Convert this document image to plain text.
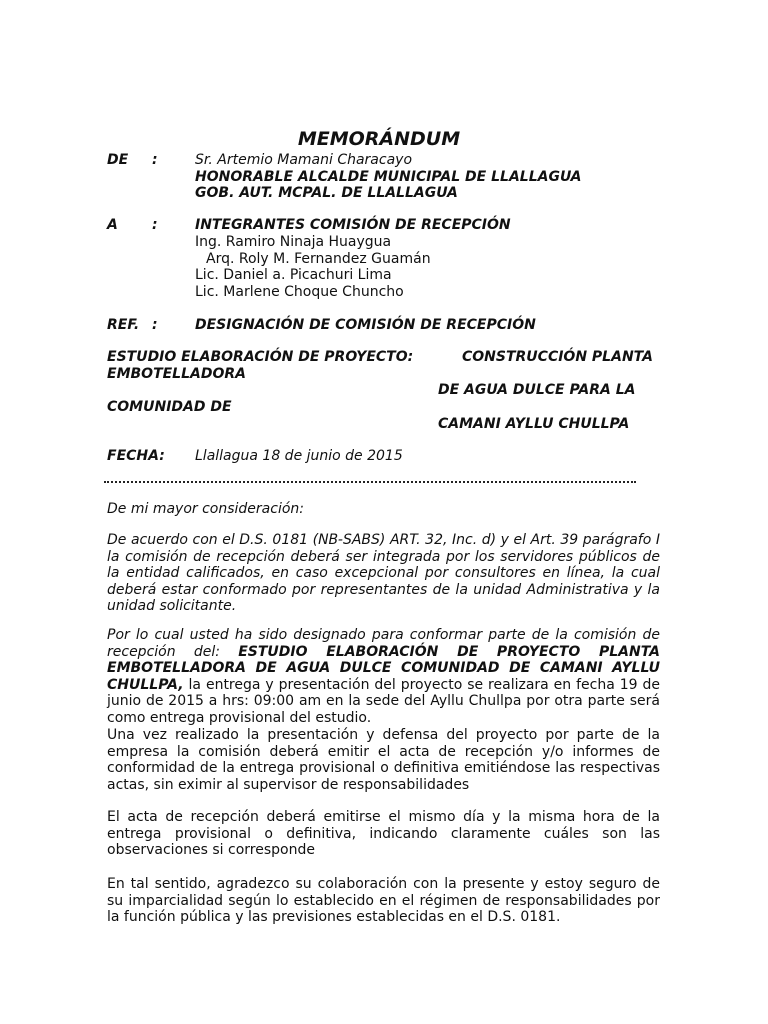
MEMORÁNDUM
DE :	Sr. Artemio Mamani Characayo
HONORABLE ALCALDE MUNICIPAL DE LLALLAGUA
GOB. AUT. MCPAL. DE LLALLAGUA
A :	INTEGRANTES COMISIÓN DE RECEPCIÓN
Ing. Ramiro Ninaja Huaygua
Arq. Roly M. Fernandez Guamán
Lic. Daniel a. Picachuri Lima
Lic. Marlene Choque Chuncho
REF. :	DESIGNACIÓN DE COMISIÓN DE RECEPCIÓN
ESTUDIO ELABORACIÓN DE PROYECTO:	CONSTRUCCIÓN PLANTA
EMBOTELLADORA
DE AGUA DULCE PARA LA
COMUNIDAD DE
CAMANI AYLLU CHULLPA
FECHA: Llallagua 18 de junio de 2015

De mi mayor consideración:

De acuerdo con el D.S. 0181 (NB-SABS) ART. 32, Inc. d) y el Art. 39 parágrafo I la comisión de recepción deberá ser integrada por los servidores públicos de la entidad calificados, en caso excepcional por consultores en línea, la cual deberá estar conformado por representantes de la unidad Administrativa y la unidad solicitante.

Por lo cual usted ha sido designado para conformar parte de la comisión de recepción del: ESTUDIO ELABORACIÓN DE PROYECTO PLANTA EMBOTELLADORA DE AGUA DULCE COMUNIDAD DE CAMANI AYLLU CHULLPA, la entrega y presentación del proyecto se realizara en fecha 19 de junio de 2015 a hrs: 09:00 am en la sede del Ayllu Chullpa por otra parte será como entrega provisional del estudio.

Una vez realizado la presentación y defensa del proyecto por parte de la empresa la comisión deberá emitir el acta de recepción y/o informes de conformidad de la entrega provisional o definitiva emitiéndose las respectivas actas, sin eximir al supervisor de responsabilidades

El acta de recepción deberá emitirse el mismo día y la misma hora de la entrega provisional o definitiva, indicando claramente cuáles son las observaciones si corresponde

En tal sentido, agradezco su colaboración con la presente y estoy seguro de su imparcialidad según lo establecido en el régimen de responsabilidades por la función pública y las previsiones establecidas en el D.S. 0181.
